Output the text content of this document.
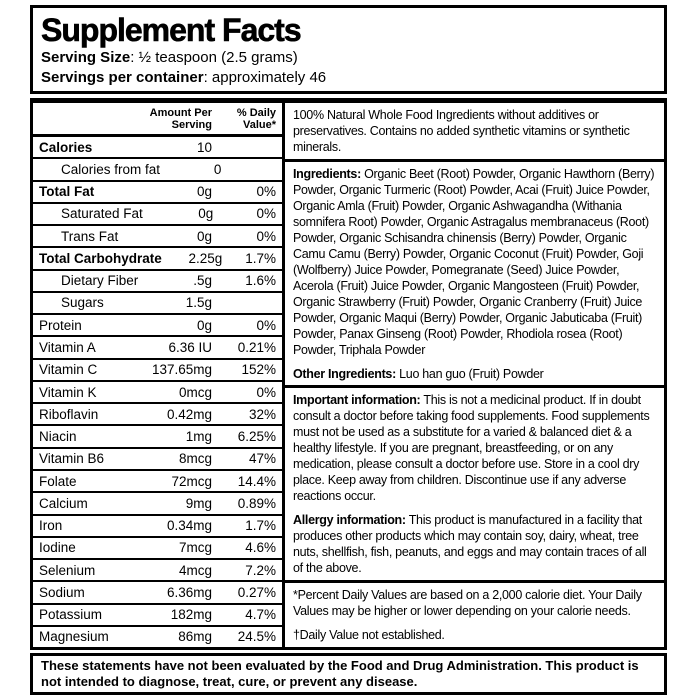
Supplement Facts
Serving Size: ½ teaspoon (2.5 grams)
Servings per container: approximately 46
Amount Per Serving
% Daily Value*
Calories	10
Calories from fat	0
Total Fat	0g	0%
Saturated Fat	0g	0%
Trans Fat	0g	0%
Total Carbohydrate	2.25g	1.7%
Dietary Fiber	.5g	1.6%
Sugars	1.5g
Protein	0g	0%
Vitamin A	6.36 IU	0.21%
Vitamin C	137.65mg	152%
Vitamin K	0mcg	0%
Riboflavin	0.42mg	32%
Niacin	1mg	6.25%
Vitamin B6	8mcg	47%
Folate	72mcg	14.4%
Calcium	9mg	0.89%
Iron	0.34mg	1.7%
Iodine	7mcg	4.6%
Selenium	4mcg	7.2%
Sodium	6.36mg	0.27%
Potassium	182mg	4.7%
Magnesium	86mg	24.5%

100% Natural Whole Food Ingredients without additives or preservatives. Contains no added synthetic vitamins or synthetic minerals.

Ingredients: Organic Beet (Root) Powder, Organic Hawthorn (Berry) Powder, Organic Turmeric (Root) Powder, Acai (Fruit) Juice Powder, Organic Amla (Fruit) Powder, Organic Ashwagandha (Withania somnifera Root) Powder, Organic Astragalus membranaceus (Root) Powder, Organic Schisandra chinensis (Berry) Powder, Organic Camu Camu (Berry) Powder, Organic Coconut (Fruit) Powder, Goji (Wolfberry) Juice Powder, Pomegranate (Seed) Juice Powder, Acerola (Fruit) Juice Powder, Organic Mangosteen (Fruit) Powder, Organic Strawberry (Fruit) Powder, Organic Cranberry (Fruit) Juice Powder, Organic Maqui (Berry) Powder, Organic Jabuticaba (Fruit) Powder, Panax Ginseng (Root) Powder, Rhodiola rosea (Root) Powder, Triphala Powder

Other Ingredients: Luo han guo (Fruit) Powder

Important information: This is not a medicinal product. If in doubt consult a doctor before taking food supplements. Food supplements must not be used as a substitute for a varied & balanced diet & a healthy lifestyle. If you are pregnant, breastfeeding, or on any medication, please consult a doctor before use. Store in a cool dry place. Keep away from children. Discontinue use if any adverse reactions occur.

Allergy information: This product is manufactured in a facility that produces other products which may contain soy, dairy, wheat, tree nuts, shellfish, fish, peanuts, and eggs and may contain traces of all of the above.

*Percent Daily Values are based on a 2,000 calorie diet. Your Daily Values may be higher or lower depending on your calorie needs.

†Daily Value not established.

These statements have not been evaluated by the Food and Drug Administration. This product is not intended to diagnose, treat, cure, or prevent any disease.
